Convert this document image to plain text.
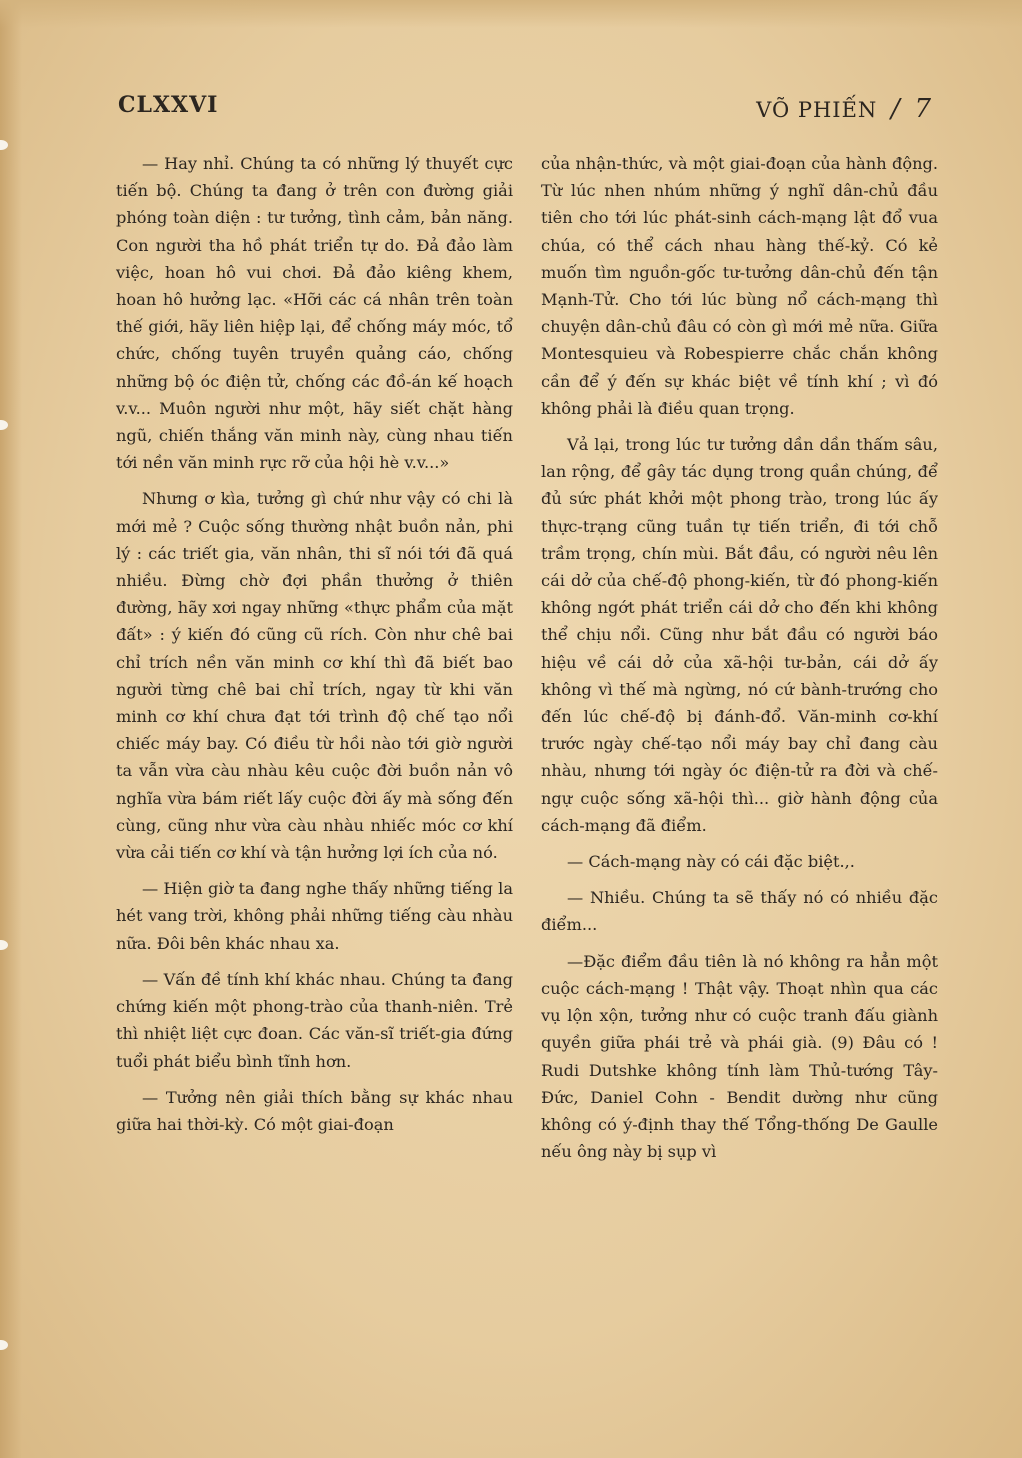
CLXXVI	VÕ PHIẾN / 7

— Hay nhỉ. Chúng ta có những lý thuyết cực tiến bộ. Chúng ta đang ở trên con đường giải phóng toàn diện : tư tưởng, tình cảm, bản năng. Con người tha hồ phát triển tự do. Đả đảo làm việc, hoan hô vui chơi. Đả đảo kiêng khem, hoan hô hưởng lạc. «Hỡi các cá nhân trên toàn thế giới, hãy liên hiệp lại, để chống máy móc, tổ chức, chống tuyên truyền quảng cáo, chống những bộ óc điện tử, chống các đồ-án kế hoạch v.v... Muôn người như một, hãy siết chặt hàng ngũ, chiến thắng văn minh này, cùng nhau tiến tới nền văn minh rực rỡ của hội hè v.v...»

Nhưng ơ kìa, tưởng gì chứ như vậy có chi là mới mẻ ? Cuộc sống thường nhật buồn nản, phi lý : các triết gia, văn nhân, thi sĩ nói tới đã quá nhiều. Đừng chờ đợi phần thưởng ở thiên đường, hãy xơi ngay những «thực phẩm của mặt đất» : ý kiến đó cũng cũ rích. Còn như chê bai chỉ trích nền văn minh cơ khí thì đã biết bao người từng chê bai chỉ trích, ngay từ khi văn minh cơ khí chưa đạt tới trình độ chế tạo nổi chiếc máy bay. Có điều từ hồi nào tới giờ người ta vẫn vừa càu nhàu kêu cuộc đời buồn nản vô nghĩa vừa bám riết lấy cuộc đời ấy mà sống đến cùng, cũng như vừa càu nhàu nhiếc móc cơ khí vừa cải tiến cơ khí và tận hưởng lợi ích của nó.

— Hiện giờ ta đang nghe thấy những tiếng la hét vang trời, không phải những tiếng càu nhàu nữa. Đôi bên khác nhau xa.

— Vấn đề tính khí khác nhau. Chúng ta đang chứng kiến một phong-trào của thanh-niên. Trẻ thì nhiệt liệt cực đoan. Các văn-sĩ triết-gia đứng tuổi phát biểu bình tĩnh hơn.

— Tưởng nên giải thích bằng sự khác nhau giữa hai thời-kỳ. Có một giai-đoạn

của nhận-thức, và một giai-đoạn của hành động. Từ lúc nhen nhúm những ý nghĩ dân-chủ đầu tiên cho tới lúc phát-sinh cách-mạng lật đổ vua chúa, có thể cách nhau hàng thế-kỷ. Có kẻ muốn tìm nguồn-gốc tư-tưởng dân-chủ đến tận Mạnh-Tử. Cho tới lúc bùng nổ cách-mạng thì chuyện dân-chủ đâu có còn gì mới mẻ nữa. Giữa Montesquieu và Robespierre chắc chắn không cần để ý đến sự khác biệt về tính khí ; vì đó không phải là điều quan trọng.

Vả lại, trong lúc tư tưởng dần dần thấm sâu, lan rộng, để gây tác dụng trong quần chúng, để đủ sức phát khởi một phong trào, trong lúc ấy thực-trạng cũng tuần tự tiến triển, đi tới chỗ trầm trọng, chín mùi. Bắt đầu, có người nêu lên cái dở của chế-độ phong-kiến, từ đó phong-kiến không ngớt phát triển cái dở cho đến khi không thể chịu nổi. Cũng như bắt đầu có người báo hiệu về cái dở của xã-hội tư-bản, cái dở ấy không vì thế mà ngừng, nó cứ bành-trướng cho đến lúc chế-độ bị đánh-đổ. Văn-minh cơ-khí trước ngày chế-tạo nổi máy bay chỉ đang càu nhàu, nhưng tới ngày óc điện-tử ra đời và chế-ngự cuộc sống xã-hội thì... giờ hành động của cách-mạng đã điểm.

— Cách-mạng này có cái đặc biệt.,.

— Nhiều. Chúng ta sẽ thấy nó có nhiều đặc điểm...

—Đặc điểm đầu tiên là nó không ra hẳn một cuộc cách-mạng ! Thật vậy. Thoạt nhìn qua các vụ lộn xộn, tưởng như có cuộc tranh đấu giành quyền giữa phái trẻ và phái già. (9) Đâu có ! Rudi Dutshke không tính làm Thủ-tướng Tây-Đức, Daniel Cohn - Bendit dường như cũng không có ý-định thay thế Tổng-thống De Gaulle nếu ông này bị sụp vì
